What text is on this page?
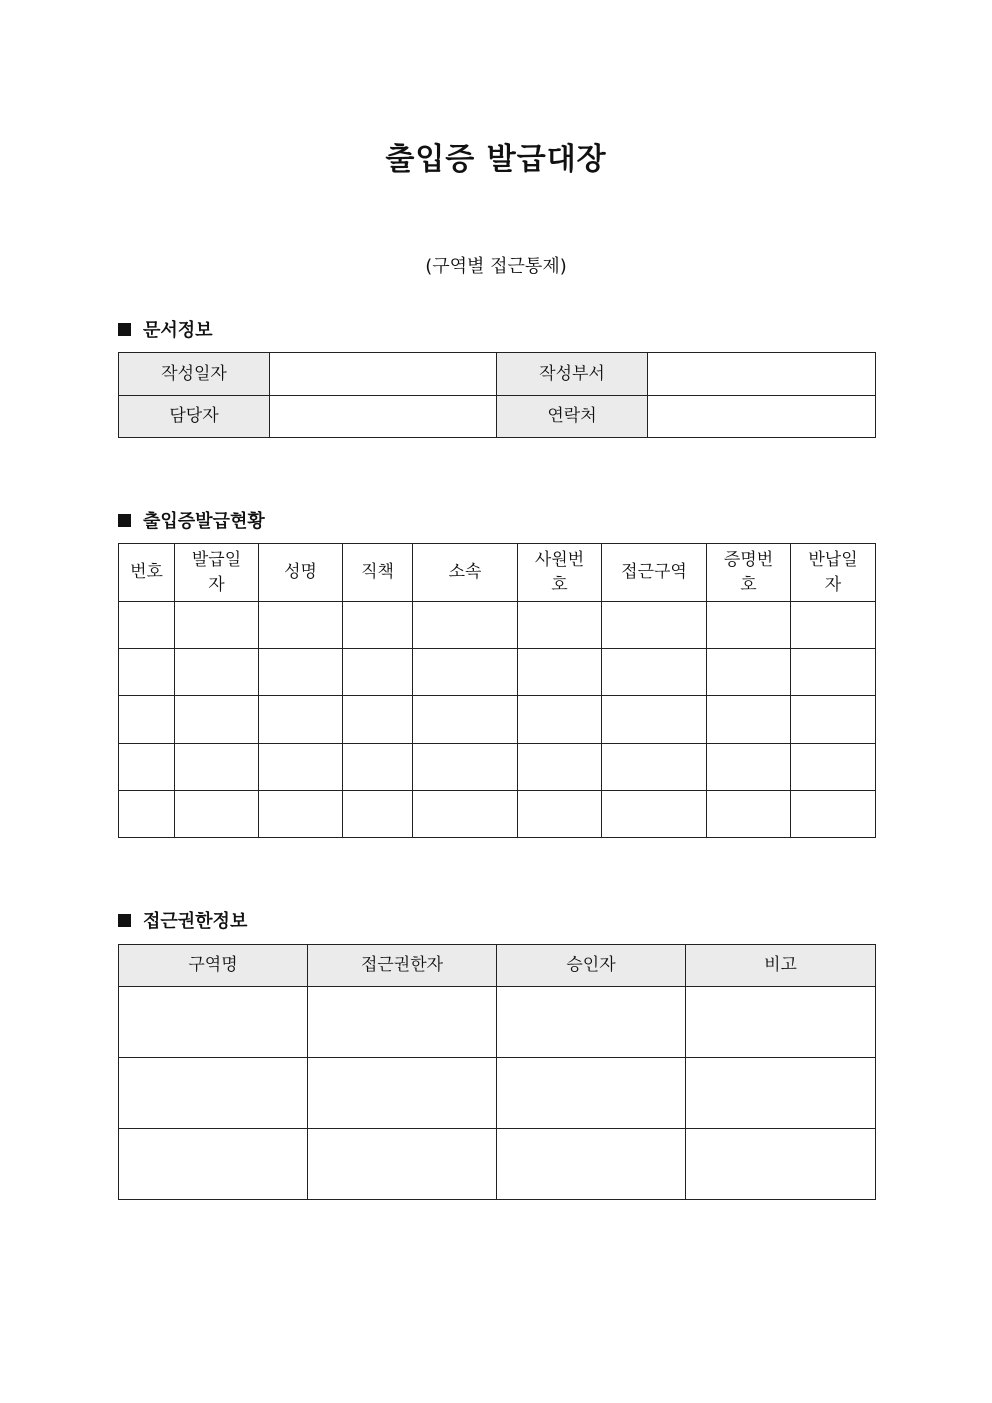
출입증 발급대장

(구역별 접근통제)

문서정보
작성일자		작성부서	
담당자		연락처	
출입증발급현황
번호	발급일자	성명	직책	소속	사원번호	접근구역	증명번호	반납일자

접근권한정보
구역명	접근권한자	승인자	비고
